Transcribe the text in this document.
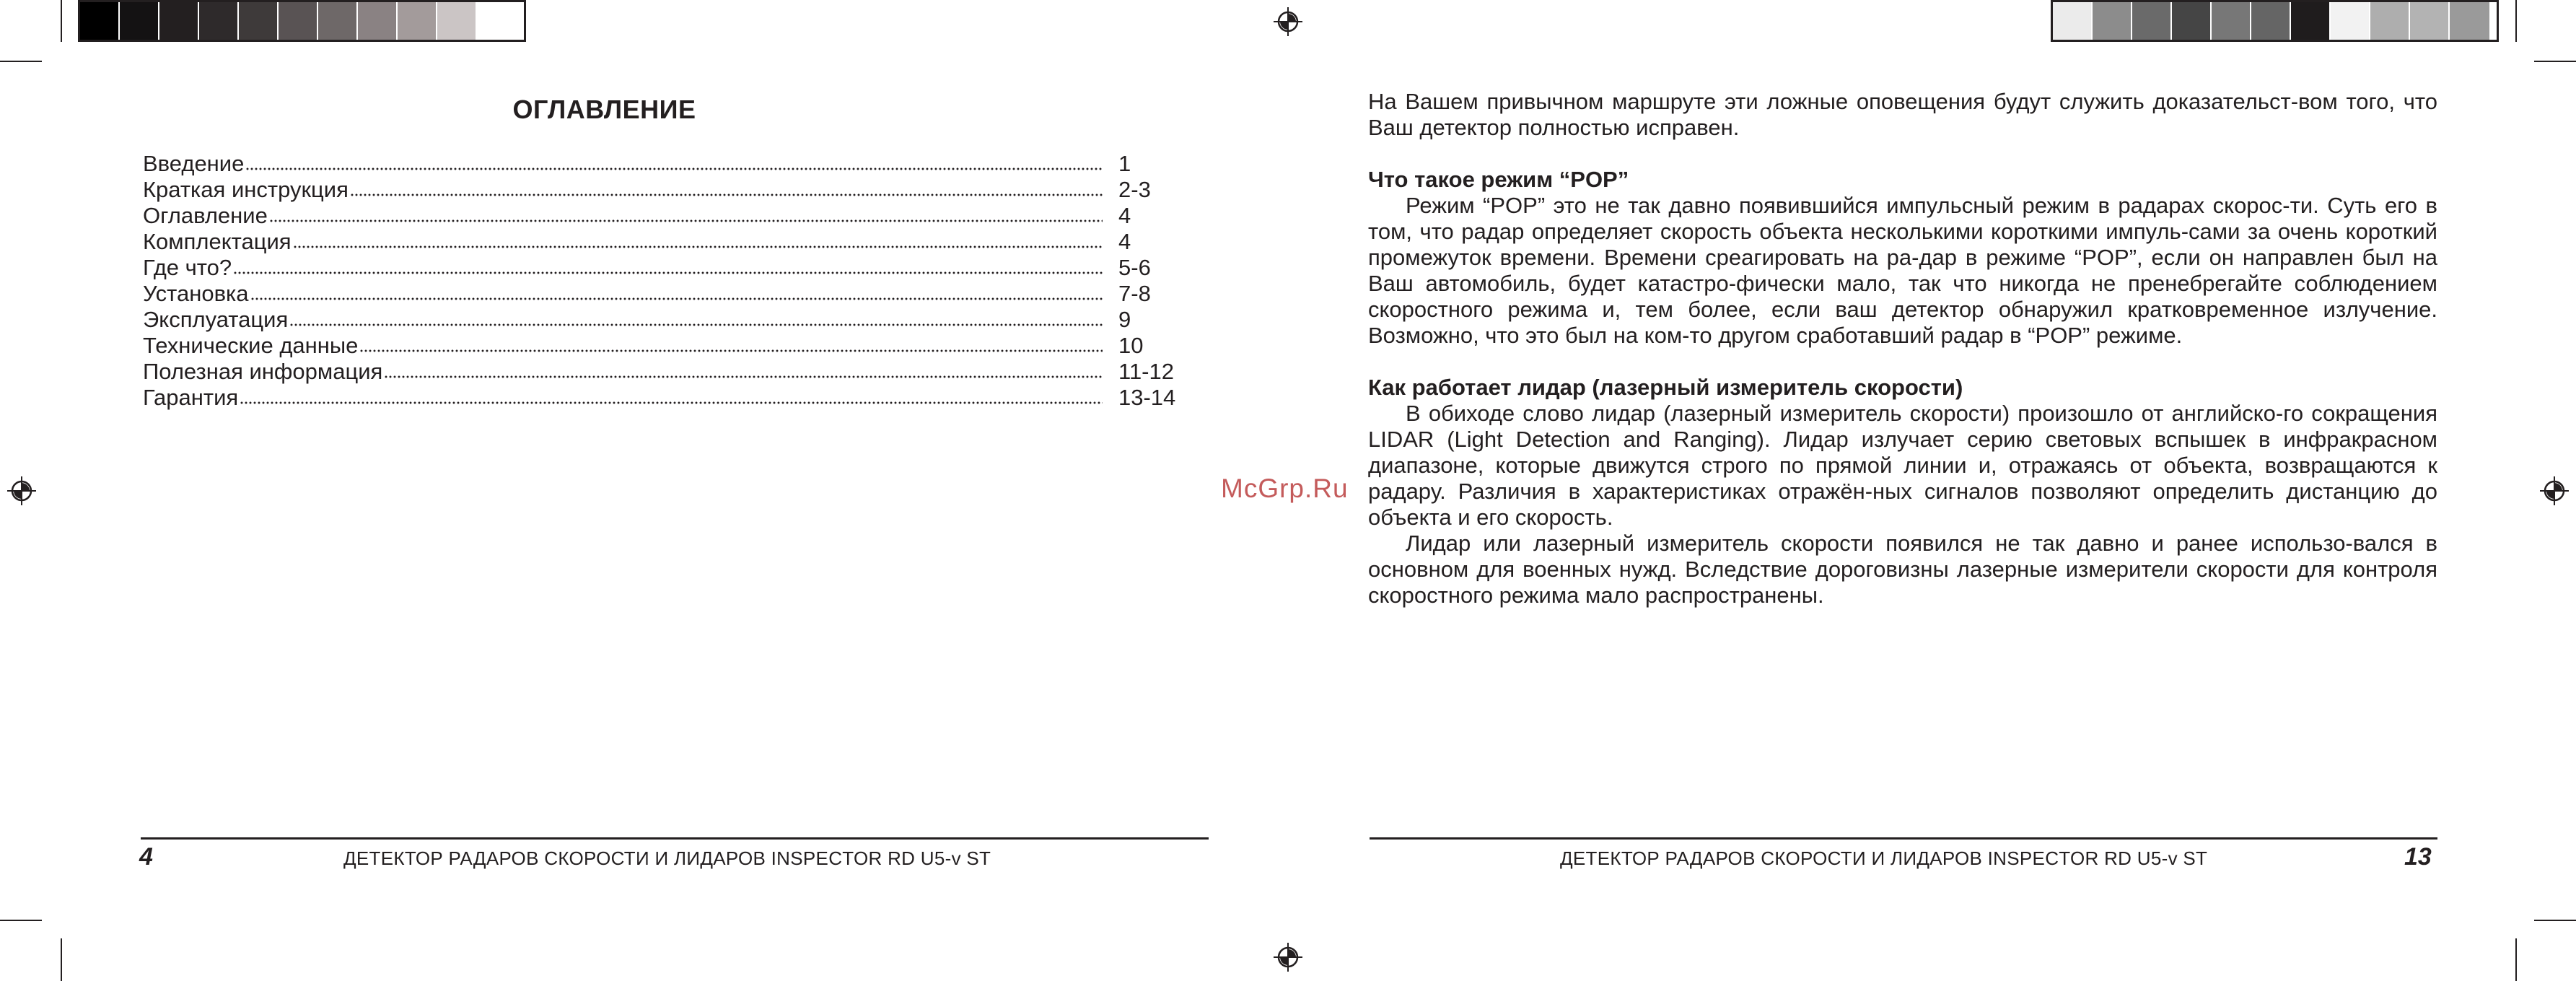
ОГЛАВЛЕНИЕ
Введение	1
Краткая инструкция	2-3
Оглавление	4
Комплектация	4
Где что?	5-6
Установка	7-8
Эксплуатация	9
Технические данные	10
Полезная информация	11-12
Гарантия	13-14
4	ДЕТЕКТОР РАДАРОВ СКОРОСТИ И ЛИДАРОВ INSPECTOR RD U5-v ST

На Вашем привычном маршруте эти ложные оповещения будут служить доказательст-вом того, что Ваш детектор полностью исправен.

Что такое режим “POP”

Режим “POP” это не так давно появившийся импульсный режим в радарах скорос-ти. Суть его в том, что радар определяет скорость объекта несколькими короткими импуль-сами за очень короткий промежуток времени. Времени среагировать на ра-дар в режиме “POP”, если он направлен был на Ваш автомобиль, будет катастро-фически мало, так что никогда не пренебрегайте соблюдением скоростного режима и, тем более, если ваш детектор обнаружил кратковременное излучение. Возможно, что это был на ком-то другом сработавший радар в “POP” режиме.

Как работает лидар (лазерный измеритель скорости)

В обиходе слово лидар (лазерный измеритель скорости) произошло от английско-го сокращения LIDAR (Light Detection and Ranging). Лидар излучает серию световых вспышек в инфракрасном диапазоне, которые движутся строго по прямой линии и, отражаясь от объекта, возвращаются к радару. Различия в характеристиках отражён-ных сигналов позволяют определить дистанцию до объекта и его скорость.

Лидар или лазерный измеритель скорости появился не так давно и ранее использо-вался в основном для военных нужд. Вследствие дороговизны лазерные измерители скорости для контроля скоростного режима мало распространены.

ДЕТЕКТОР РАДАРОВ СКОРОСТИ И ЛИДАРОВ INSPECTOR RD U5-v ST	13
McGrp.Ru
